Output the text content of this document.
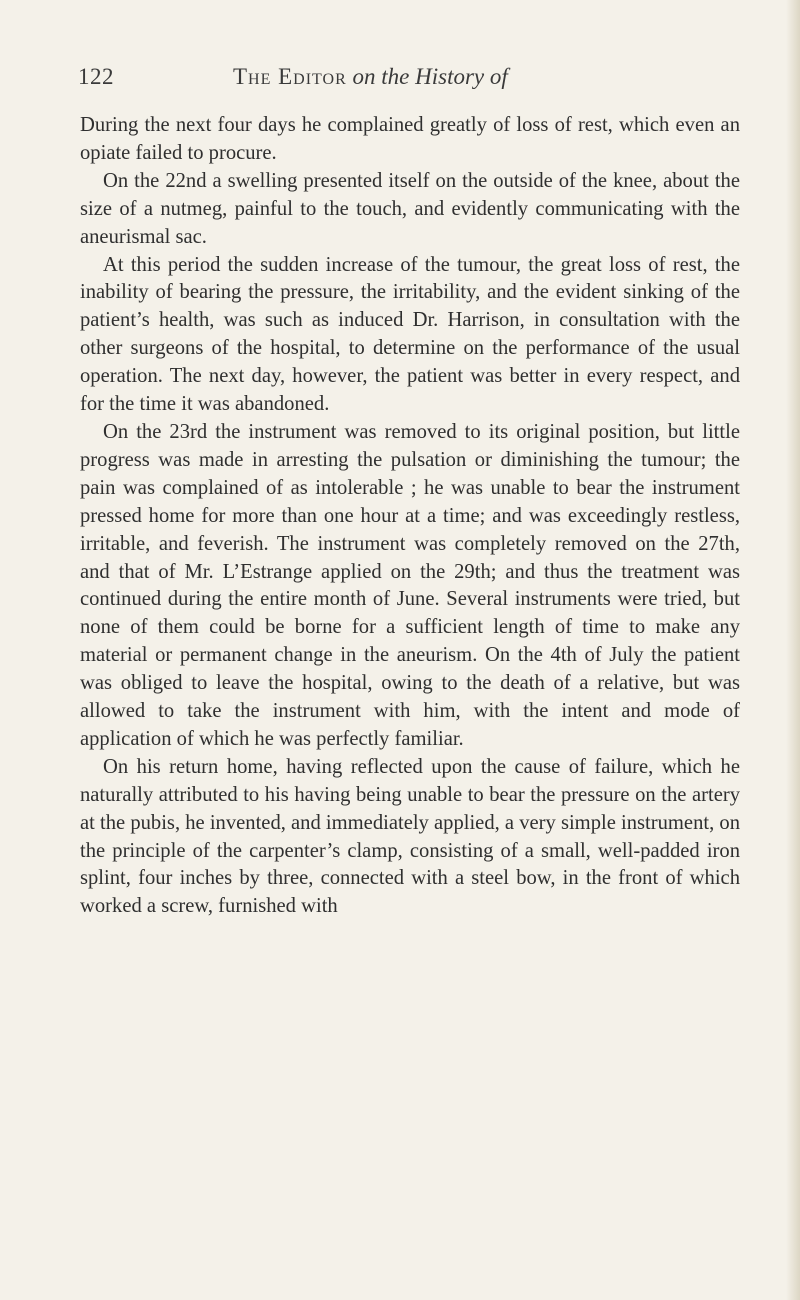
122	The Editor on the History of

During the next four days he complained greatly of loss of rest, which even an opiate failed to procure.

On the 22nd a swelling presented itself on the outside of the knee, about the size of a nutmeg, painful to the touch, and evidently communicating with the aneurismal sac.

At this period the sudden increase of the tumour, the great loss of rest, the inability of bearing the pressure, the irritability, and the evident sinking of the patient’s health, was such as induced Dr. Harrison, in consultation with the other surgeons of the hospital, to determine on the performance of the usual operation. The next day, however, the patient was better in every respect, and for the time it was abandoned.

On the 23rd the instrument was removed to its original position, but little progress was made in arresting the pulsation or diminishing the tumour; the pain was complained of as intolerable ; he was unable to bear the instrument pressed home for more than one hour at a time; and was exceedingly restless, irritable, and feverish. The instrument was completely removed on the 27th, and that of Mr. L’Estrange applied on the 29th; and thus the treatment was continued during the entire month of June. Several instruments were tried, but none of them could be borne for a sufficient length of time to make any material or permanent change in the aneurism. On the 4th of July the patient was obliged to leave the hospital, owing to the death of a relative, but was allowed to take the instrument with him, with the intent and mode of application of which he was perfectly familiar.

On his return home, having reflected upon the cause of failure, which he naturally attributed to his having being unable to bear the pressure on the artery at the pubis, he invented, and immediately applied, a very simple instrument, on the principle of the carpenter’s clamp, consisting of a small, well-padded iron splint, four inches by three, connected with a steel bow, in the front of which worked a screw, furnished with
